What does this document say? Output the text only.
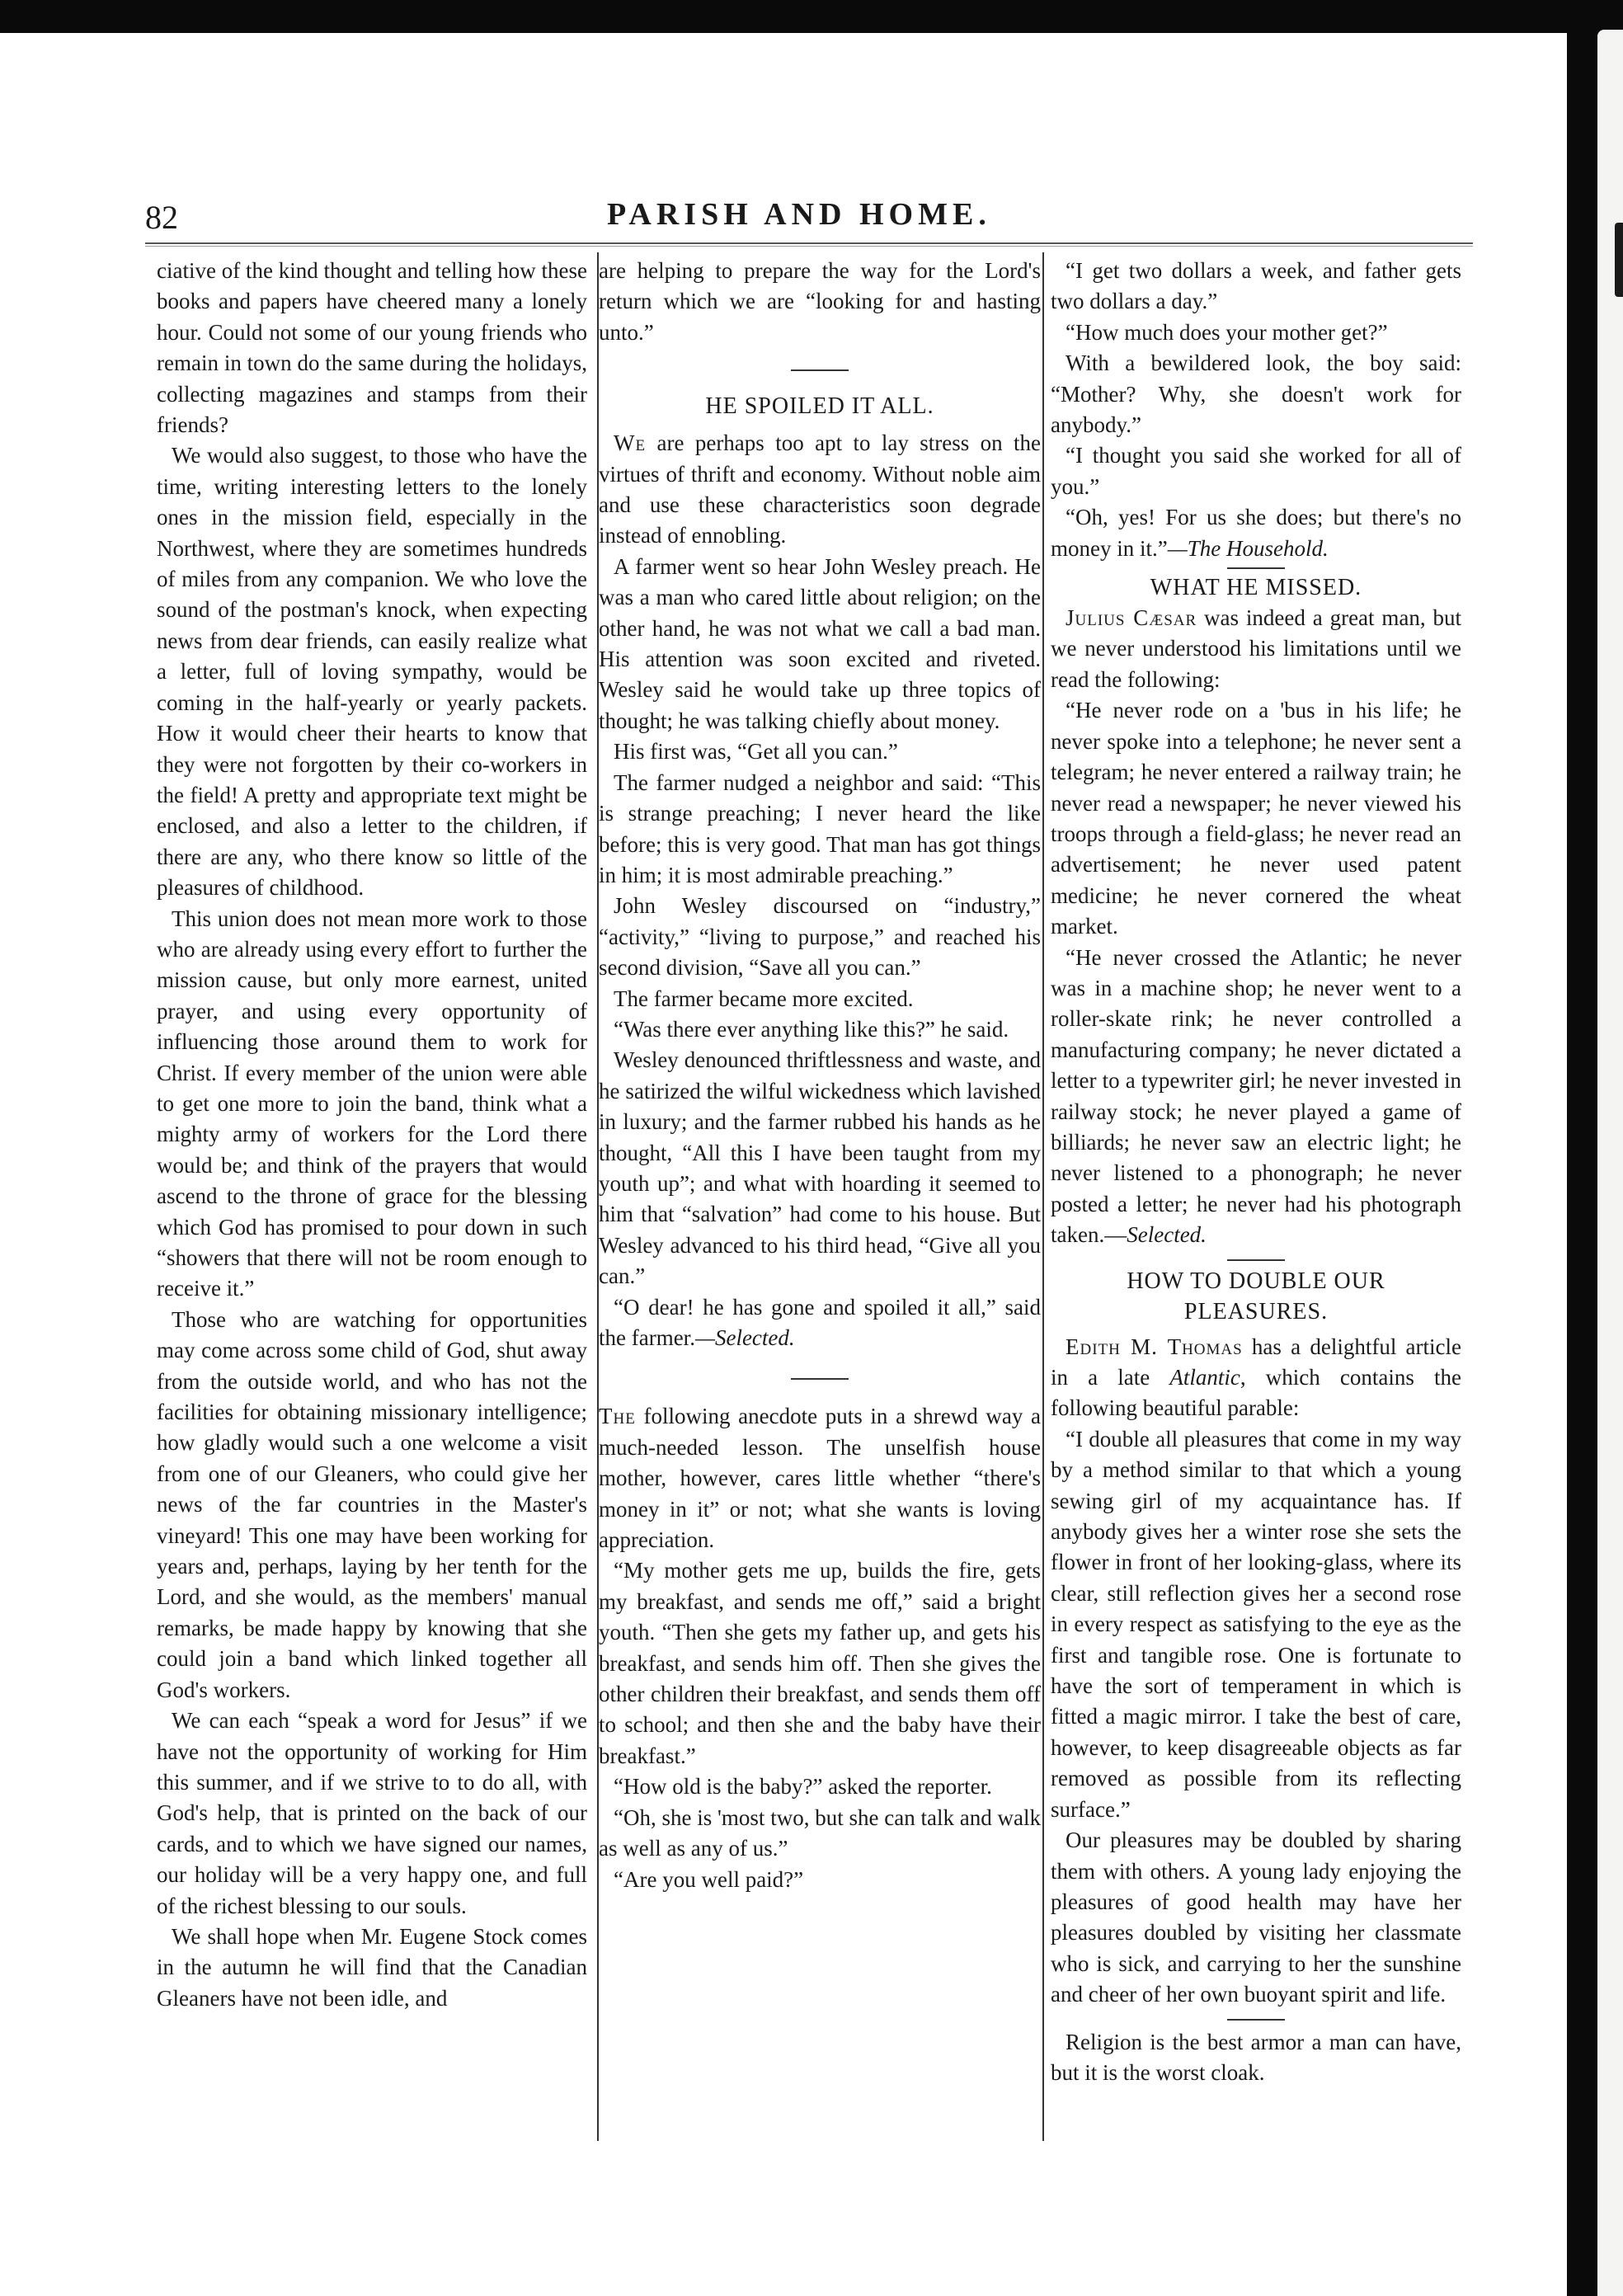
82	PARISH AND HOME.

ciative of the kind thought and telling how these books and papers have cheered many a lonely hour. Could not some of our young friends who remain in town do the same during the holidays, collecting magazines and stamps from their friends?

We would also suggest, to those who have the time, writing interesting letters to the lonely ones in the mission field, especially in the Northwest, where they are sometimes hundreds of miles from any companion. We who love the sound of the postman's knock, when expecting news from dear friends, can easily realize what a letter, full of loving sympathy, would be coming in the half-yearly or yearly packets. How it would cheer their hearts to know that they were not forgotten by their co-workers in the field! A pretty and appropriate text might be enclosed, and also a letter to the children, if there are any, who there know so little of the pleasures of childhood.

This union does not mean more work to those who are already using every effort to further the mission cause, but only more earnest, united prayer, and using every opportunity of influencing those around them to work for Christ. If every member of the union were able to get one more to join the band, think what a mighty army of workers for the Lord there would be; and think of the prayers that would ascend to the throne of grace for the blessing which God has promised to pour down in such “showers that there will not be room enough to receive it.”

Those who are watching for opportunities may come across some child of God, shut away from the outside world, and who has not the facilities for obtaining missionary intelligence; how gladly would such a one welcome a visit from one of our Gleaners, who could give her news of the far countries in the Master's vineyard! This one may have been working for years and, perhaps, laying by her tenth for the Lord, and she would, as the members' manual remarks, be made happy by knowing that she could join a band which linked together all God's workers.

We can each “speak a word for Jesus” if we have not the opportunity of working for Him this summer, and if we strive to to do all, with God's help, that is printed on the back of our cards, and to which we have signed our names, our holiday will be a very happy one, and full of the richest blessing to our souls.

We shall hope when Mr. Eugene Stock comes in the autumn he will find that the Canadian Gleaners have not been idle, and

are helping to prepare the way for the Lord's return which we are “looking for and hasting unto.”

HE SPOILED IT ALL.

We are perhaps too apt to lay stress on the virtues of thrift and economy. Without noble aim and use these characteristics soon degrade instead of ennobling.

A farmer went so hear John Wesley preach. He was a man who cared little about religion; on the other hand, he was not what we call a bad man. His attention was soon excited and riveted. Wesley said he would take up three topics of thought; he was talking chiefly about money.

His first was, “Get all you can.”

The farmer nudged a neighbor and said: “This is strange preaching; I never heard the like before; this is very good. That man has got things in him; it is most admirable preaching.”

John Wesley discoursed on “industry,” “activity,” “living to purpose,” and reached his second division, “Save all you can.”

The farmer became more excited.

“Was there ever anything like this?” he said.

Wesley denounced thriftlessness and waste, and he satirized the wilful wickedness which lavished in luxury; and the farmer rubbed his hands as he thought, “All this I have been taught from my youth up”; and what with hoarding it seemed to him that “salvation” had come to his house. But Wesley advanced to his third head, “Give all you can.”

“O dear! he has gone and spoiled it all,” said the farmer.—Selected.

The following anecdote puts in a shrewd way a much-needed lesson. The unselfish house mother, however, cares little whether “there's money in it” or not; what she wants is loving appreciation.

“My mother gets me up, builds the fire, gets my breakfast, and sends me off,” said a bright youth. “Then she gets my father up, and gets his breakfast, and sends him off. Then she gives the other children their breakfast, and sends them off to school; and then she and the baby have their breakfast.”

“How old is the baby?” asked the reporter.

“Oh, she is 'most two, but she can talk and walk as well as any of us.”

“Are you well paid?”

“I get two dollars a week, and father gets two dollars a day.”

“How much does your mother get?”

With a bewildered look, the boy said: “Mother? Why, she doesn't work for anybody.”

“I thought you said she worked for all of you.”

“Oh, yes! For us she does; but there's no money in it.”—The Household.

WHAT HE MISSED.

Julius Cæsar was indeed a great man, but we never understood his limitations until we read the following:

“He never rode on a 'bus in his life; he never spoke into a telephone; he never sent a telegram; he never entered a railway train; he never read a newspaper; he never viewed his troops through a field-glass; he never read an advertisement; he never used patent medicine; he never cornered the wheat market.

“He never crossed the Atlantic; he never was in a machine shop; he never went to a roller-skate rink; he never controlled a manufacturing company; he never dictated a letter to a typewriter girl; he never invested in railway stock; he never played a game of billiards; he never saw an electric light; he never listened to a phonograph; he never posted a letter; he never had his photograph taken.—Selected.

HOW TO DOUBLE OUR
PLEASURES.

Edith M. Thomas has a delightful article in a late Atlantic, which contains the following beautiful parable:

“I double all pleasures that come in my way by a method similar to that which a young sewing girl of my acquaintance has. If anybody gives her a winter rose she sets the flower in front of her looking-glass, where its clear, still reflection gives her a second rose in every respect as satisfying to the eye as the first and tangible rose. One is fortunate to have the sort of temperament in which is fitted a magic mirror. I take the best of care, however, to keep disagreeable objects as far removed as possible from its reflecting surface.”

Our pleasures may be doubled by sharing them with others. A young lady enjoying the pleasures of good health may have her pleasures doubled by visiting her classmate who is sick, and carrying to her the sunshine and cheer of her own buoyant spirit and life.

Religion is the best armor a man can have, but it is the worst cloak.
